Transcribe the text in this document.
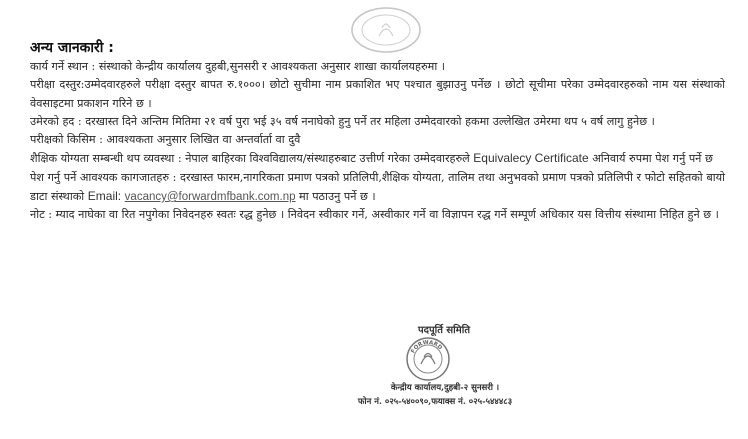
अन्य जानकारी :

कार्य गर्ने स्थान : संस्थाको केन्द्रीय कार्यालय दुहबी,सुनसरी र आवश्यकता अनुसार शाखा कार्यालयहरुमा ।

परीक्षा दस्तुर:उम्मेदवारहरुले परीक्षा दस्तुर बापत रु.१०००। छोटो सुचीमा नाम प्रकाशित भए पश्चात बुझाउनु पर्नेछ । छोटो सूचीमा परेका उम्मेदवारहरुको नाम यस संस्थाको वेवसाइटमा प्रकाशन गरिने छ ।

उमेरको हद : दरखास्त दिने अन्तिम मितिमा २१ वर्ष पुरा भई ३५ वर्ष ननाघेको हुनु पर्ने तर महिला उम्मेदवारको हकमा उल्लेखित उमेरमा थप ५ वर्ष लागु हुनेछ ।

परीक्षको किसिम : आवश्यकता अनुसार लिखित वा अन्तर्वार्ता वा दुवै

शैक्षिक योग्यता सम्बन्धी थप व्यवस्था : नेपाल बाहिरका विश्वविद्यालय/संस्थाहरुबाट उत्तीर्ण गरेका उम्मेदवारहरुले Equivalecy Certificate अनिवार्य रुपमा पेश गर्नु पर्ने छ

पेश गर्नु पर्ने आवश्यक कागजातहरु : दरखास्त फारम,नागरिकता प्रमाण पत्रको प्रतिलिपी,शैक्षिक योग्यता, तालिम तथा अनुभवको प्रमाण पत्रको प्रतिलिपी र फोटो सहितको बायो डाटा संस्थाको Email: vacancy@forwardmfbank.com.np मा पठाउनु पर्ने छ ।

नोट : म्याद नाघेका वा रित नपुगेका निवेदनहरु स्वतः रद्ध हुनेछ । निवेदन स्वीकार गर्ने, अस्वीकार गर्ने वा विज्ञापन रद्ध गर्ने सम्पूर्ण अधिकार यस वित्तीय संस्थामा निहित हुने छ ।

पदपूर्ति समिति
FORWARD
केन्द्रीय कार्यालय,दुहबी-२ सुनसरी ।
फोन नं. ०२५-५४००९०,फयाक्स नं. ०२५-५४४४८३
